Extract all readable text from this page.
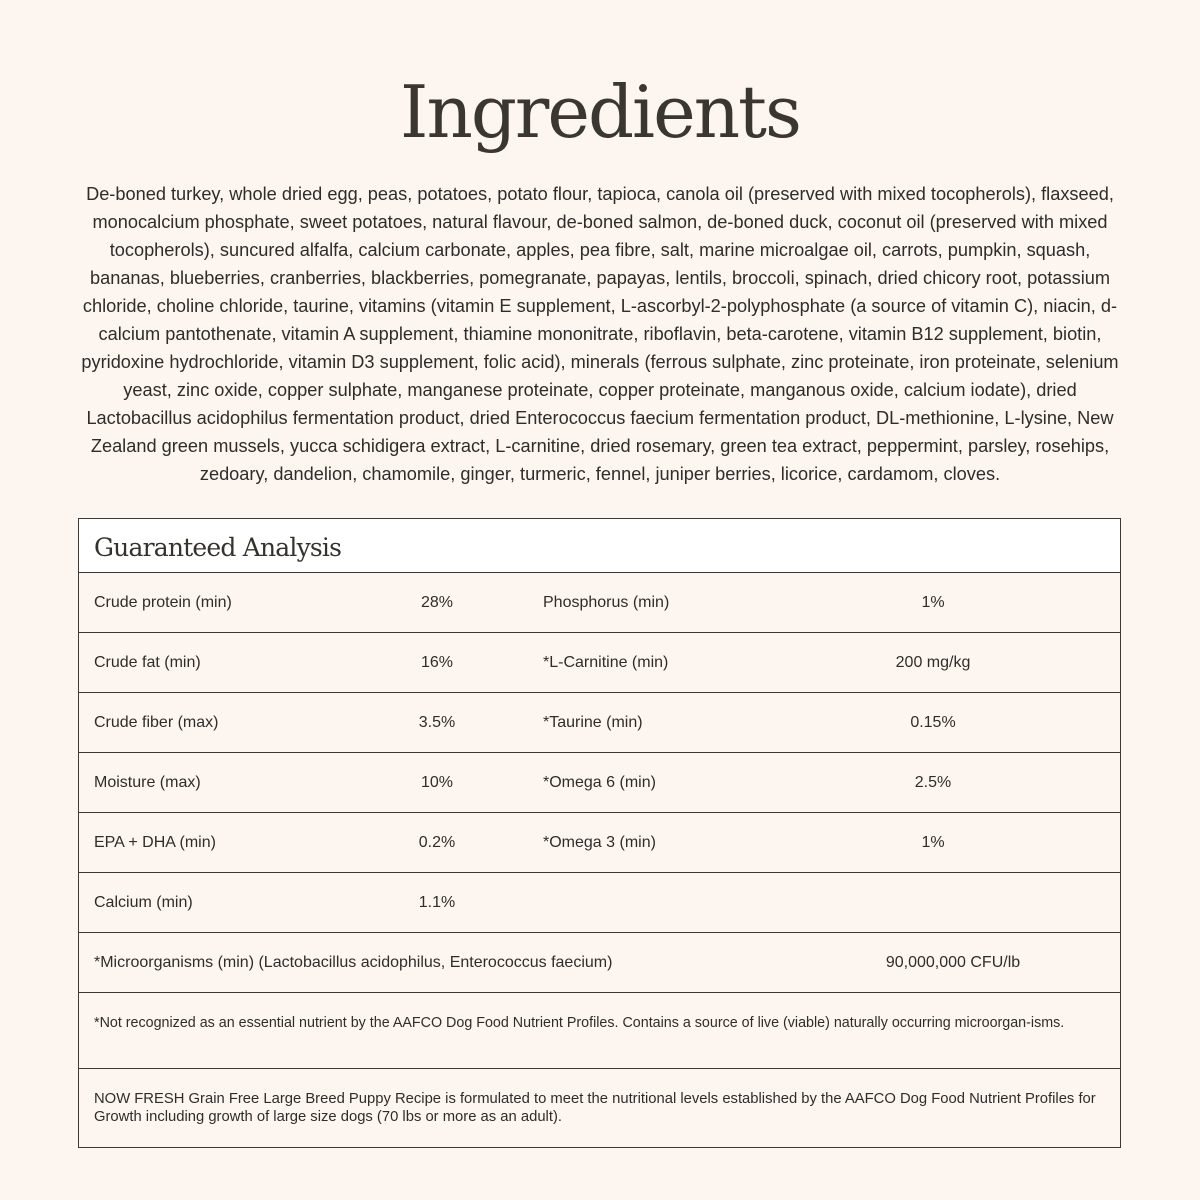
Ingredients

De-boned turkey, whole dried egg, peas, potatoes, potato flour, tapioca, canola oil (preserved with mixed tocopherols), flaxseed, monocalcium phosphate, sweet potatoes, natural flavour, de-boned salmon, de-boned duck, coconut oil (preserved with mixed tocopherols), suncured alfalfa, calcium carbonate, apples, pea fibre, salt, marine microalgae oil, carrots, pumpkin, squash, bananas, blueberries, cranberries, blackberries, pomegranate, papayas, lentils, broccoli, spinach, dried chicory root, potassium chloride, choline chloride, taurine, vitamins (vitamin E supplement, L-ascorbyl-2-polyphosphate (a source of vitamin C), niacin, d-calcium pantothenate, vitamin A supplement, thiamine mononitrate, riboflavin, beta-carotene, vitamin B12 supplement, biotin, pyridoxine hydrochloride, vitamin D3 supplement, folic acid), minerals (ferrous sulphate, zinc proteinate, iron proteinate, selenium yeast, zinc oxide, copper sulphate, manganese proteinate, copper proteinate, manganous oxide, calcium iodate), dried Lactobacillus acidophilus fermentation product, dried Enterococcus faecium fermentation product, DL-methionine, L-lysine, New Zealand green mussels, yucca schidigera extract, L-carnitine, dried rosemary, green tea extract, peppermint, parsley, rosehips, zedoary, dandelion, chamomile, ginger, turmeric, fennel, juniper berries, licorice, cardamom, cloves.

Guaranteed Analysis
Crude protein (min)	28%	Phosphorus (min)	1%
Crude fat (min)	16%	*L-Carnitine (min)	200 mg/kg
Crude fiber (max)	3.5%	*Taurine (min)	0.15%
Moisture (max)	10%	*Omega 6 (min)	2.5%
EPA + DHA (min)	0.2%	*Omega 3 (min)	1%
Calcium (min)	1.1%
*Microorganisms (min) (Lactobacillus acidophilus, Enterococcus faecium)	90,000,000 CFU/lb
*Not recognized as an essential nutrient by the AAFCO Dog Food Nutrient Profiles. Contains a source of live (viable) naturally occurring microorgan-isms.
NOW FRESH Grain Free Large Breed Puppy Recipe is formulated to meet the nutritional levels established by the AAFCO Dog Food Nutrient Profiles for Growth including growth of large size dogs (70 lbs or more as an adult).
